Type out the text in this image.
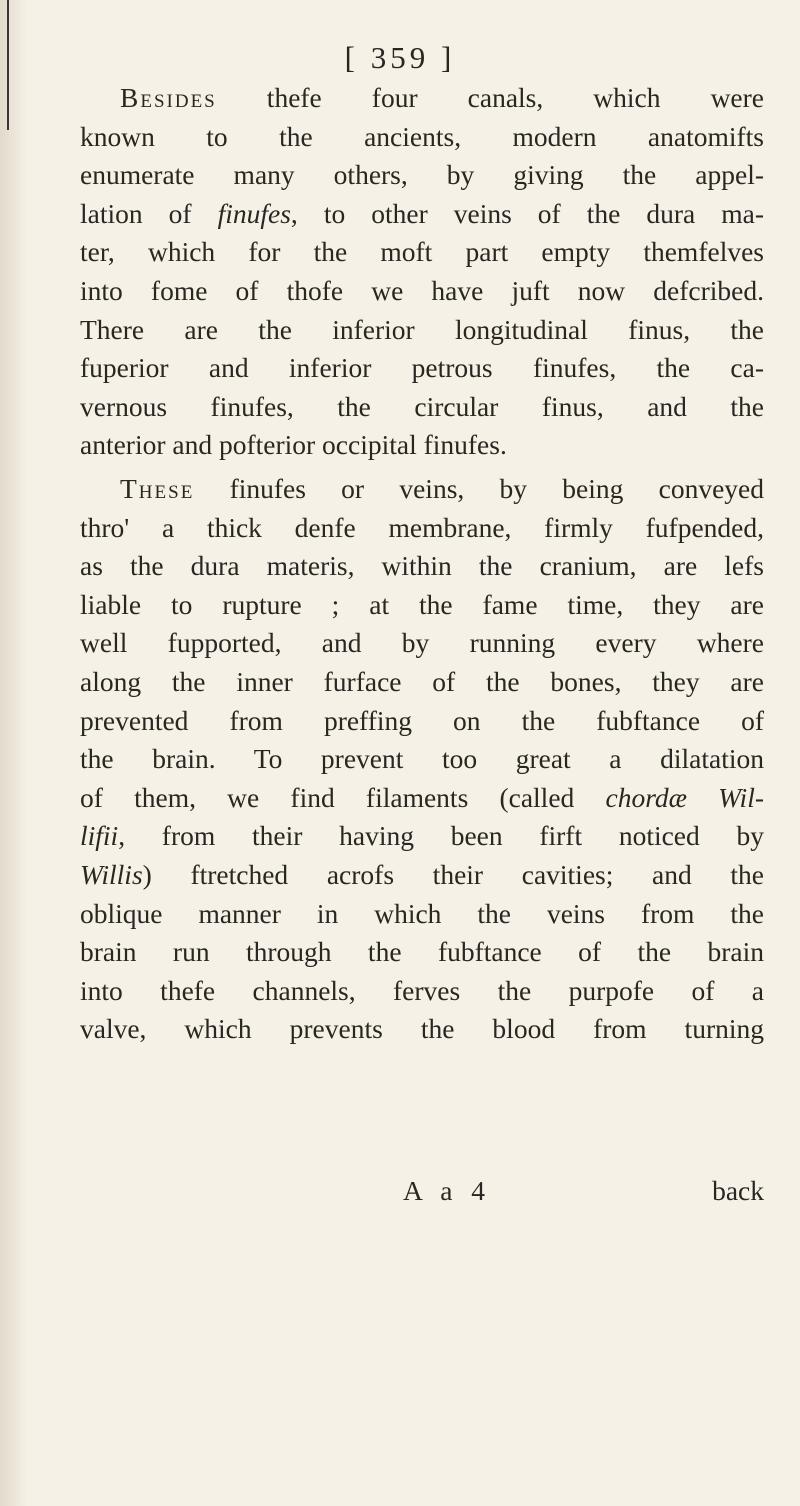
[ 359 ]
Besides thefe four canals, which were
known to the ancients, modern anatomifts
enumerate many others, by giving the appel-
lation of finufes, to other veins of the dura ma-
ter, which for the moft part empty themfelves
into fome of thofe we have juft now defcribed.
There are the inferior longitudinal finus, the
fuperior and inferior petrous finufes, the ca-
vernous finufes, the circular finus, and the
anterior and pofterior occipital finufes.
These finufes or veins, by being conveyed
thro' a thick denfe membrane, firmly fufpended,
as the dura materis, within the cranium, are lefs
liable to rupture ; at the fame time, they are
well fupported, and by running every where
along the inner furface of the bones, they are
prevented from preffing on the fubftance of
the brain. To prevent too great a dilatation
of them, we find filaments (called chordæ Wil-
lifii, from their having been firft noticed by
Willis) ftretched acrofs their cavities; and the
oblique manner in which the veins from the
brain run through the fubftance of the brain
into thefe channels, ferves the purpofe of a
valve, which prevents the blood from turning
A a 4	back
